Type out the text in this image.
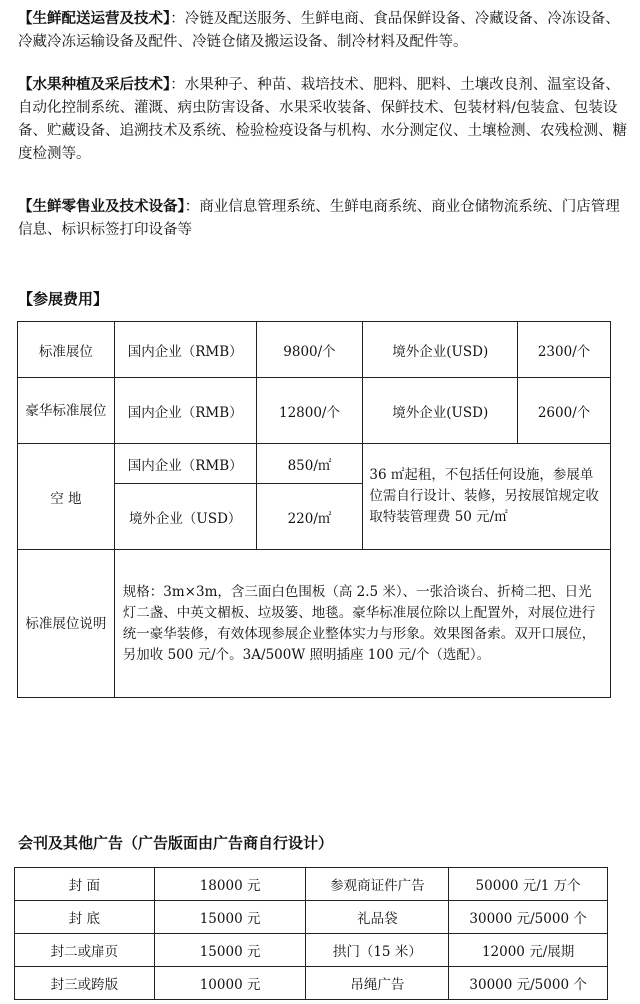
【生鲜配送运营及技术】：冷链及配送服务、生鲜电商、食品保鲜设备、冷藏设备、冷冻设备、冷藏冷冻运输设备及配件、冷链仓储及搬运设备、制冷材料及配件等。
【水果种植及采后技术】：水果种子、种苗、栽培技术、肥料、肥料、土壤改良剂、温室设备、自动化控制系统、灌溉、病虫防害设备、水果采收装备、保鲜技术、包装材料/包装盒、包装设备、贮藏设备、追溯技术及系统、检验检疫设备与机构、水分测定仪、土壤检测、农残检测、糖度检测等。
【生鲜零售业及技术设备】：商业信息管理系统、生鲜电商系统、商业仓储物流系统、门店管理信息、标识标签打印设备等
【参展费用】
标准展位	国内企业（RMB）	9800/个	境外企业(USD)	2300/个
豪华标准展位	国内企业（RMB）	12800/个	境外企业(USD)	2600/个
空 地	国内企业（RMB）	850/㎡	36 ㎡起租，不包括任何设施，参展单位需自行设计、装修，另按展馆规定收取特装管理费 50 元/㎡	
	境外企业（USD）	220/㎡		
标准展位说明	规格：3m×3m，含三面白色围板（高 2.5 米）、一张洽谈台、折椅二把、日光灯二盏、中英文楣板、垃圾篓、地毯。豪华标准展位除以上配置外，对展位进行统一豪华装修，有效体现参展企业整体实力与形象。效果图备索。双开口展位，另加收 500 元/个。3A/500W 照明插座 100 元/个（选配）。			
会刊及其他广告（广告版面由广告商自行设计）
封 面	18000 元	参观商证件广告	50000 元/1 万个
封 底	15000 元	礼品袋	30000 元/5000 个
封二或扉页	15000 元	拱门（15 米）	12000 元/展期
封三或跨版	10000 元	吊绳广告	30000 元/5000 个
